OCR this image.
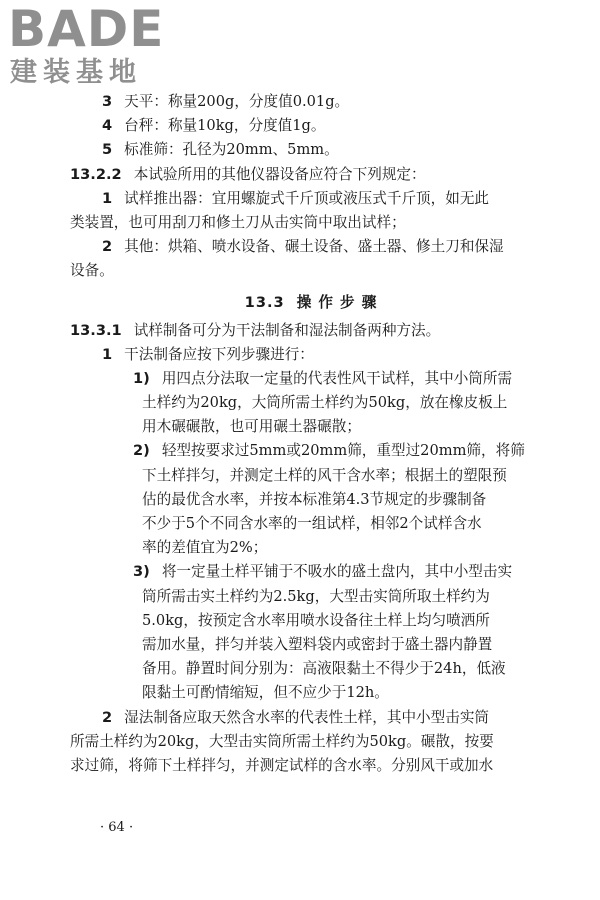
BADE
建装基地
3 天平：称量200g，分度值0.01g。
4 台秤：称量10kg，分度值1g。
5 标准筛：孔径为20mm、5mm。
13.2.2 本试验所用的其他仪器设备应符合下列规定：
1 试样推出器：宜用螺旋式千斤顶或液压式千斤顶，如无此
类装置，也可用刮刀和修土刀从击实筒中取出试样；
2 其他：烘箱、喷水设备、碾土设备、盛土器、修土刀和保湿
设备。
13.3 操 作 步 骤
13.3.1 试样制备可分为干法制备和湿法制备两种方法。
1 干法制备应按下列步骤进行：
1) 用四点分法取一定量的代表性风干试样，其中小筒所需
土样约为20kg，大筒所需土样约为50kg，放在橡皮板上
用木碾碾散，也可用碾土器碾散；
2) 轻型按要求过5mm或20mm筛，重型过20mm筛，将筛
下土样拌匀，并测定土样的风干含水率；根据土的塑限预
估的最优含水率，并按本标准第4.3节规定的步骤制备
不少于5个不同含水率的一组试样，相邻2个试样含水
率的差值宜为2%；
3) 将一定量土样平铺于不吸水的盛土盘内，其中小型击实
筒所需击实土样约为2.5kg，大型击实筒所取土样约为
5.0kg，按预定含水率用喷水设备往土样上均匀喷洒所
需加水量，拌匀并装入塑料袋内或密封于盛土器内静置
备用。静置时间分别为：高液限黏土不得少于24h，低液
限黏土可酌情缩短，但不应少于12h。
2 湿法制备应取天然含水率的代表性土样，其中小型击实筒
所需土样约为20kg，大型击实筒所需土样约为50kg。碾散，按要
求过筛，将筛下土样拌匀，并测定试样的含水率。分别风干或加水
· 64 ·
